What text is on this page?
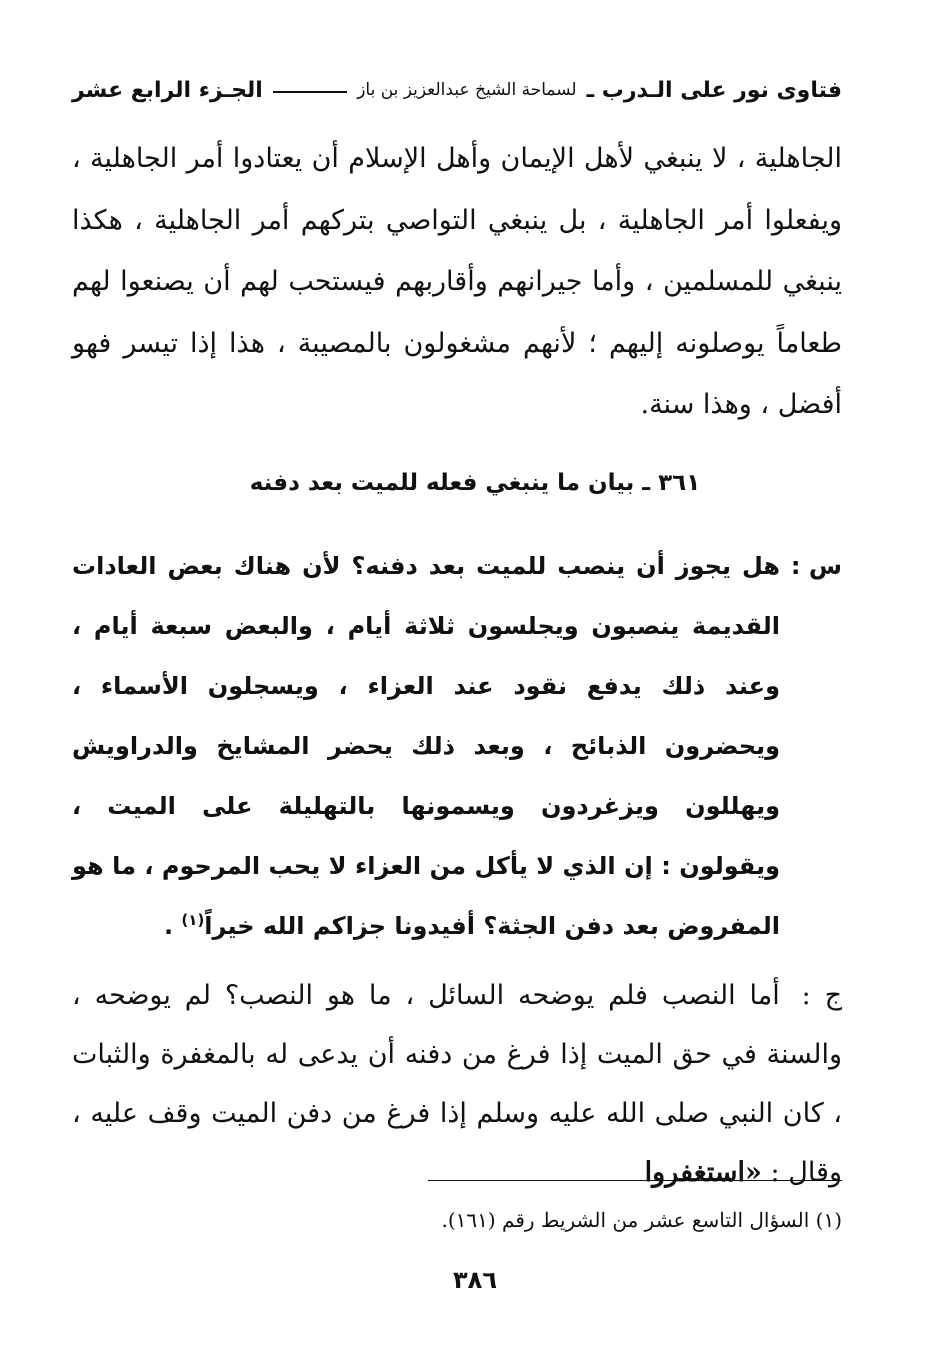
فتاوى نور على الـدرب ـ
لسماحة الشيخ عبدالعزيز بن باز
الجـزء الرابع عشر
الجاهلية ، لا ينبغي لأهل الإيمان وأهل الإسلام أن يعتادوا أمر الجاهلية ، ويفعلوا أمر الجاهلية ، بل ينبغي التواصي بتركهم أمر الجاهلية ، هكذا ينبغي للمسلمين ، وأما جيرانهم وأقاربهم فيستحب لهم أن يصنعوا لهم طعاماً يوصلونه إليهم ؛ لأنهم مشغولون بالمصيبة ، هذا إذا تيسر فهو أفضل ، وهذا سنة.
٣٦١ ـ بيان ما ينبغي فعله للميت بعد دفنه
س :
هل يجوز أن ينصب للميت بعد دفنه؟ لأن هناك بعض العادات القديمة ينصبون ويجلسون ثلاثة أيام ، والبعض سبعة أيام ، وعند ذلك يدفع نقود عند العزاء ، ويسجلون الأسماء ، ويحضرون الذبائح ، وبعد ذلك يحضر المشايخ والدراويش ويهللون ويزغردون ويسمونها بالتهليلة على الميت ، ويقولون : إن الذي لا يأكل من العزاء لا يحب المرحوم ، ما هو المفروض بعد دفن الجثة؟ أفيدونا جزاكم الله خيراً$^{(١)}$ .
ج : أما النصب فلم يوضحه السائل ، ما هو النصب؟ لم يوضحه ، والسنة في حق الميت إذا فرغ من دفنه أن يدعى له بالمغفرة والثبات ، كان النبي صلى الله عليه وسلم إذا فرغ من دفن الميت وقف عليه ، وقال : «استغفروا
(١) السؤال التاسع عشر من الشريط رقم (١٦١).
٣٨٦
